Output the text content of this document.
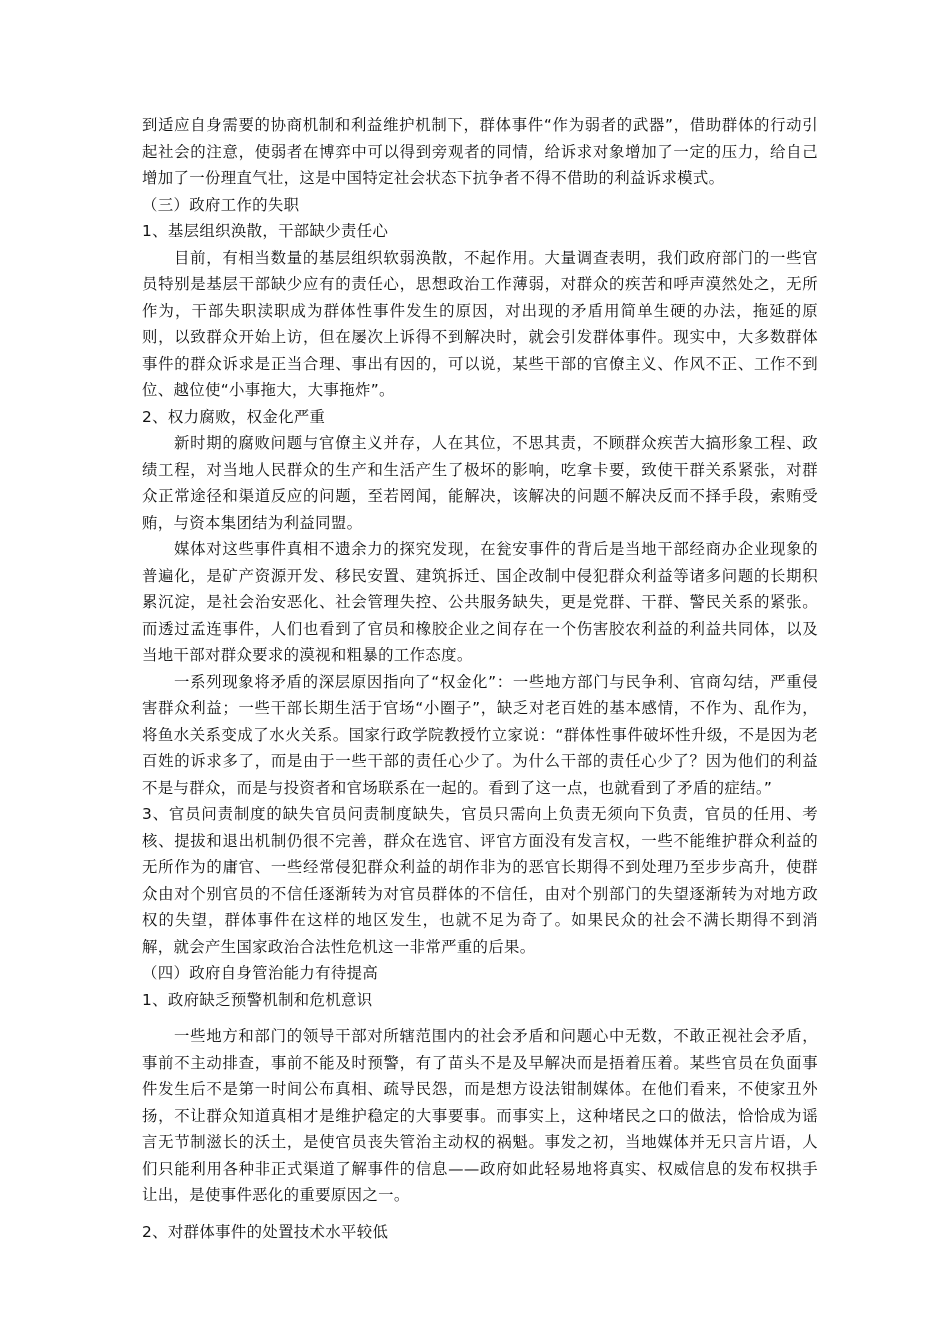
到适应自身需要的协商机制和利益维护机制下，群体事件“作为弱者的武器”，借助群体的行动引起社会的注意，使弱者在博弈中可以得到旁观者的同情，给诉求对象增加了一定的压力，给自己增加了一份理直气壮，这是中国特定社会状态下抗争者不得不借助的利益诉求模式。

（三）政府工作的失职

1、基层组织涣散，干部缺少责任心

目前，有相当数量的基层组织软弱涣散，不起作用。大量调查表明，我们政府部门的一些官员特别是基层干部缺少应有的责任心，思想政治工作薄弱，对群众的疾苦和呼声漠然处之，无所作为，干部失职渎职成为群体性事件发生的原因，对出现的矛盾用简单生硬的办法，拖延的原则，以致群众开始上访，但在屡次上诉得不到解决时，就会引发群体事件。现实中，大多数群体事件的群众诉求是正当合理、事出有因的，可以说，某些干部的官僚主义、作风不正、工作不到位、越位使“小事拖大，大事拖炸”。

2、权力腐败，权金化严重

新时期的腐败问题与官僚主义并存，人在其位，不思其责，不顾群众疾苦大搞形象工程、政绩工程，对当地人民群众的生产和生活产生了极坏的影响，吃拿卡要，致使干群关系紧张，对群众正常途径和渠道反应的问题，至若罔闻，能解决，该解决的问题不解决反而不择手段，索贿受贿，与资本集团结为利益同盟。

媒体对这些事件真相不遗余力的探究发现，在瓮安事件的背后是当地干部经商办企业现象的普遍化，是矿产资源开发、移民安置、建筑拆迁、国企改制中侵犯群众利益等诸多问题的长期积累沉淀，是社会治安恶化、社会管理失控、公共服务缺失，更是党群、干群、警民关系的紧张。而透过孟连事件，人们也看到了官员和橡胶企业之间存在一个伤害胶农利益的利益共同体，以及当地干部对群众要求的漠视和粗暴的工作态度。

一系列现象将矛盾的深层原因指向了“权金化”：一些地方部门与民争利、官商勾结，严重侵害群众利益；一些干部长期生活于官场“小圈子”，缺乏对老百姓的基本感情，不作为、乱作为，将鱼水关系变成了水火关系。国家行政学院教授竹立家说：“群体性事件破坏性升级，不是因为老百姓的诉求多了，而是由于一些干部的责任心少了。为什么干部的责任心少了？因为他们的利益不是与群众，而是与投资者和官场联系在一起的。看到了这一点，也就看到了矛盾的症结。”

3、官员问责制度的缺失官员问责制度缺失，官员只需向上负责无须向下负责，官员的任用、考核、提拔和退出机制仍很不完善，群众在选官、评官方面没有发言权，一些不能维护群众利益的无所作为的庸官、一些经常侵犯群众利益的胡作非为的恶官长期得不到处理乃至步步高升，使群众由对个别官员的不信任逐渐转为对官员群体的不信任，由对个别部门的失望逐渐转为对地方政权的失望，群体事件在这样的地区发生，也就不足为奇了。如果民众的社会不满长期得不到消解，就会产生国家政治合法性危机这一非常严重的后果。

（四）政府自身管治能力有待提高

1、政府缺乏预警机制和危机意识

一些地方和部门的领导干部对所辖范围内的社会矛盾和问题心中无数，不敢正视社会矛盾，事前不主动排查，事前不能及时预警，有了苗头不是及早解决而是捂着压着。某些官员在负面事件发生后不是第一时间公布真相、疏导民怨，而是想方设法钳制媒体。在他们看来，不使家丑外扬，不让群众知道真相才是维护稳定的大事要事。而事实上，这种堵民之口的做法，恰恰成为谣言无节制滋长的沃土，是使官员丧失管治主动权的祸魁。事发之初，当地媒体并无只言片语，人们只能利用各种非正式渠道了解事件的信息——政府如此轻易地将真实、权威信息的发布权拱手让出，是使事件恶化的重要原因之一。

2、对群体事件的处置技术水平较低
